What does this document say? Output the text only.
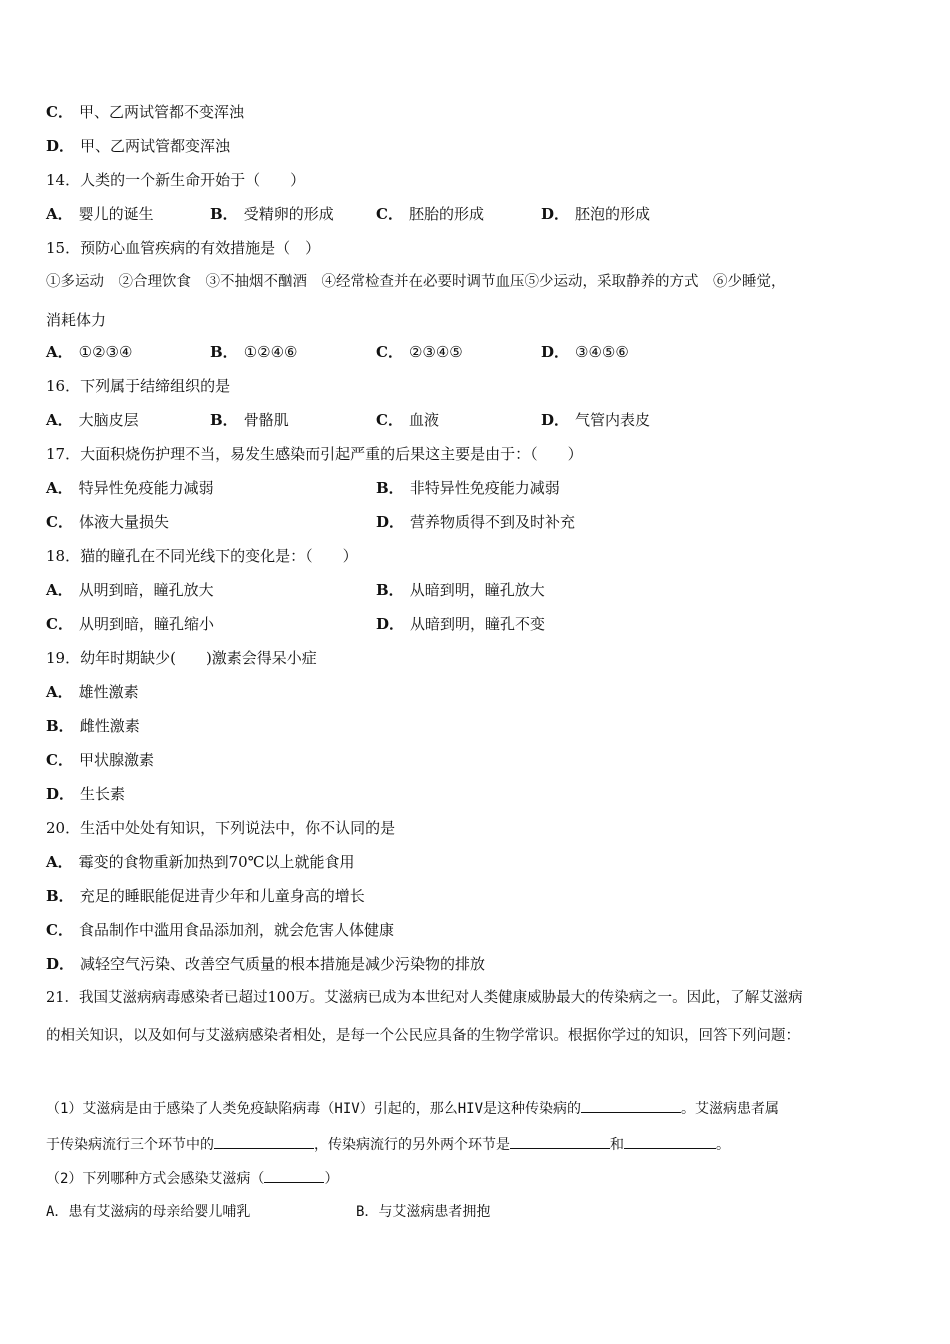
C． 甲、乙两试管都不变浑浊
D． 甲、乙两试管都变浑浊
14．人类的一个新生命开始于（　　）
A． 婴儿的诞生	B． 受精卵的形成	C． 胚胎的形成	D． 胚泡的形成
15．预防心血管疾病的有效措施是（　）
①多运动　②合理饮食　③不抽烟不酗酒　④经常检查并在必要时调节血压⑤少运动，采取静养的方式　⑥少睡觉，
消耗体力
A． ①②③④	B． ①②④⑥	C． ②③④⑤	D． ③④⑤⑥
16．下列属于结缔组织的是
A． 大脑皮层	B． 骨骼肌	C． 血液	D． 气管内表皮
17．大面积烧伤护理不当，易发生感染而引起严重的后果这主要是由于：（　　）
A． 特异性免疫能力减弱	B． 非特异性免疫能力减弱
C． 体液大量损失	D． 营养物质得不到及时补充
18．猫的瞳孔在不同光线下的变化是：（　　）
A． 从明到暗，瞳孔放大	B． 从暗到明，瞳孔放大
C． 从明到暗，瞳孔缩小	D． 从暗到明，瞳孔不变
19．幼年时期缺少(　　)激素会得呆小症
A． 雄性激素
B． 雌性激素
C． 甲状腺激素
D． 生长素
20．生活中处处有知识，下列说法中，你不认同的是
A． 霉变的食物重新加热到70℃以上就能食用
B． 充足的睡眠能促进青少年和儿童身高的增长
C． 食品制作中滥用食品添加剂，就会危害人体健康
D． 减轻空气污染、改善空气质量的根本措施是减少污染物的排放
21．我国艾滋病病毒感染者已超过100万。艾滋病已成为本世纪对人类健康威胁最大的传染病之一。因此，了解艾滋病
的相关知识，以及如何与艾滋病感染者相处，是每一个公民应具备的生物学常识。根据你学过的知识，回答下列问题：
（1）艾滋病是由于感染了人类免疫缺陷病毒（HIV）引起的，那么HIV是这种传染病的	。艾滋病患者属
于传染病流行三个环节中的	，传染病流行的另外两个环节是	和	。
（2）下列哪种方式会感染艾滋病（	）
A．患有艾滋病的母亲给婴儿哺乳	B．与艾滋病患者拥抱
